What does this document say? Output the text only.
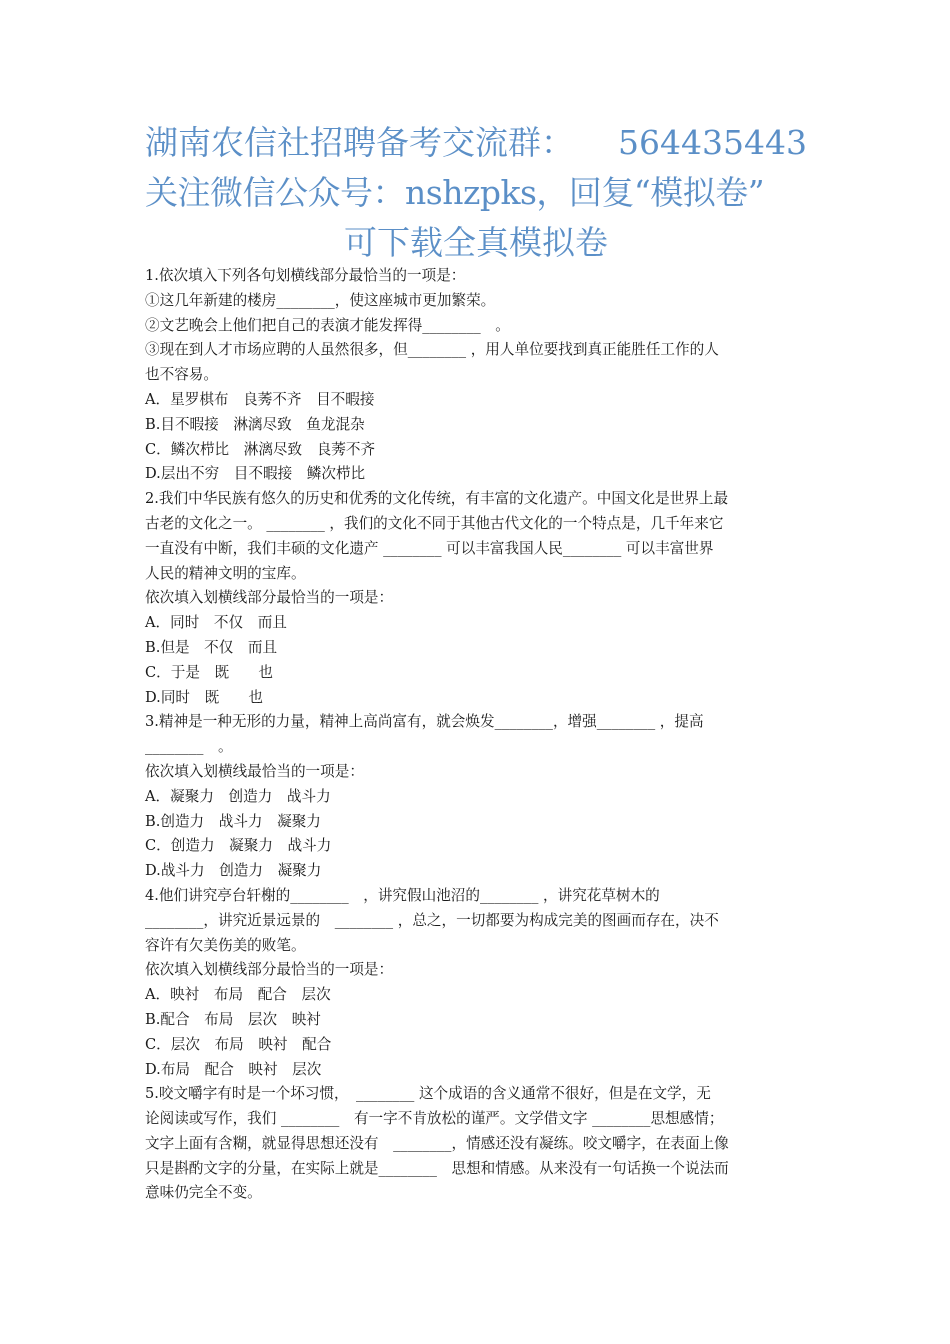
湖南农信社招聘备考交流群： 564435443
关注微信公众号：nshzpks，回复“模拟卷”
可下载全真模拟卷

1.依次填入下列各句划横线部分最恰当的一项是：

①这几年新建的楼房________，使这座城市更加繁荣。

②文艺晚会上他们把自己的表演才能发挥得________　。

③现在到人才市场应聘的人虽然很多，但________ ，用人单位要找到真正能胜任工作的人

也不容易。

A．星罗棋布　良莠不齐　目不暇接

B.目不暇接　淋漓尽致　鱼龙混杂

C．鳞次栉比　淋漓尽致　良莠不齐

D.层出不穷　目不暇接　鳞次栉比

2.我们中华民族有悠久的历史和优秀的文化传统，有丰富的文化遗产。中国文化是世界上最

古老的文化之一。 ________ ，我们的文化不同于其他古代文化的一个特点是，几千年来它

一直没有中断，我们丰硕的文化遗产 ________ 可以丰富我国人民________ 可以丰富世界

人民的精神文明的宝库。

依次填入划横线部分最恰当的一项是：

A．同时　不仅　而且

B.但是　不仅　而且

C．于是　既　　也

D.同时　既　　也

3.精神是一种无形的力量，精神上高尚富有，就会焕发________，增强________ ，提高

________　。

依次填入划横线最恰当的一项是：

A．凝聚力　创造力　战斗力

B.创造力　战斗力　凝聚力

C．创造力　凝聚力　战斗力

D.战斗力　创造力　凝聚力

4.他们讲究亭台轩榭的________　，讲究假山池沼的________ ，讲究花草树木的

________，讲究近景远景的　________ ，总之，一切都要为构成完美的图画而存在，决不

容许有欠美伤美的败笔。

依次填入划横线部分最恰当的一项是：

A．映衬　布局　配合　层次

B.配合　布局　层次　映衬

C．层次　布局　映衬　配合

D.布局　配合　映衬　层次

5.咬文嚼字有时是一个坏习惯，　________ 这个成语的含义通常不很好，但是在文学，无

论阅读或写作，我们 ________　有一字不肯放松的谨严。文学借文字 ________思想感情；

文字上面有含糊，就显得思想还没有　________，情感还没有凝练。咬文嚼字，在表面上像

只是斟酌文字的分量，在实际上就是________　思想和情感。从来没有一句话换一个说法而

意味仍完全不变。
